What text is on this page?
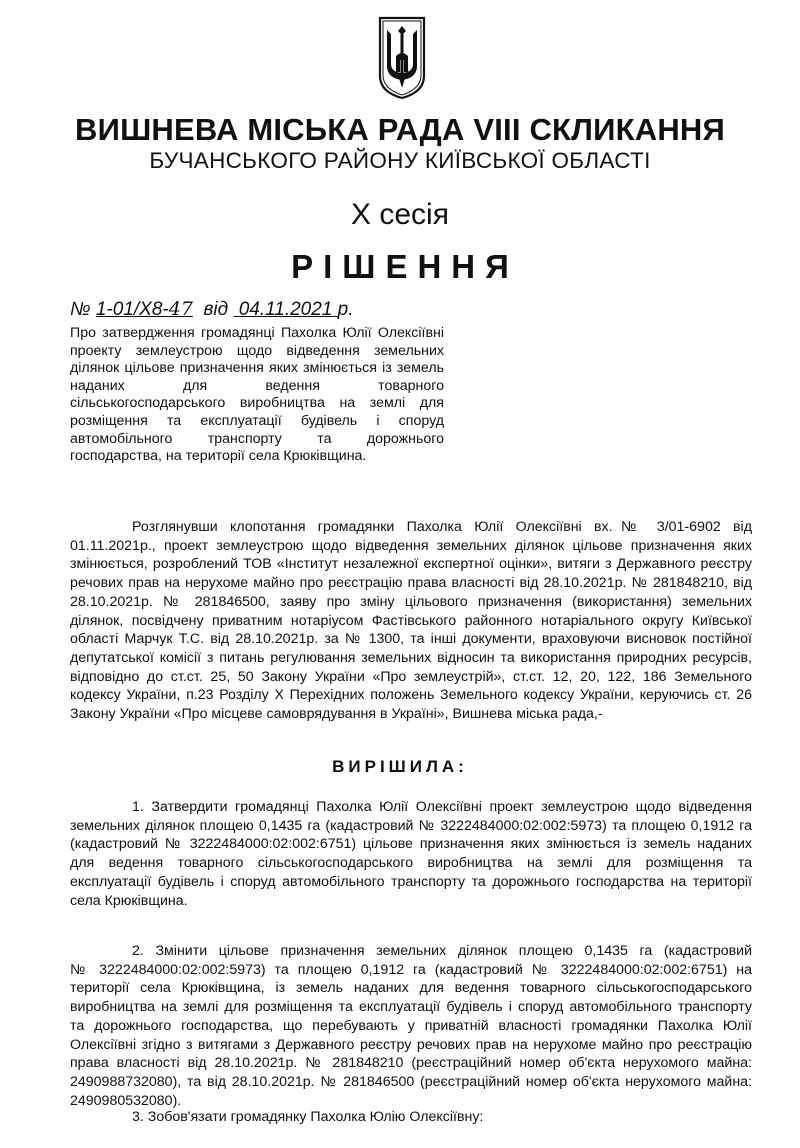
ВИШНЕВА МІСЬКА РАДА VIII СКЛИКАННЯ
БУЧАНСЬКОГО РАЙОНУ КИЇВСЬКОЇ ОБЛАСТІ
Х сесія
РІШЕННЯ
№ 1-01/X8-47 від 04.11.2021 р.
Про затвердження громадянці Пахолка Юлії Олексіївні
проекту землеустрою щодо відведення земельних
ділянок цільове призначення яких змінюється із земель
наданих для ведення товарного
сільськогосподарського виробництва на землі для
розміщення та експлуатації будівель і споруд
автомобільного транспорту та дорожнього
господарства, на території села Крюківщина.
Розглянувши клопотання громадянки Пахолка Юлії Олексіївні вх.№ 3/01-6902 від
01.11.2021р., проект землеустрою щодо відведення земельних ділянок цільове призначення яких
змінюється, розроблений ТОВ «Інститут незалежної експертної оцінки», витяги з Державного реєстру
речових прав на нерухоме майно про реєстрацію права власності від 28.10.2021р. № 281848210, від
28.10.2021р. № 281846500, заяву про зміну цільового призначення (використання) земельних
ділянок, посвідчену приватним нотаріусом Фастівського районного нотаріального округу Київської
області Марчук Т.С. від 28.10.2021р. за № 1300, та інші документи, враховуючи висновок постійної
депутатської комісії з питань регулювання земельних відносин та використання природних ресурсів,
відповідно до ст.ст. 25, 50 Закону України «Про землеустрій», ст.ст. 12, 20, 122, 186 Земельного
кодексу України, п.23 Розділу Х Перехідних положень Земельного кодексу України, керуючись ст. 26
Закону України «Про місцеве самоврядування в Україні», Вишнева міська рада,-
ВИРІШИЛА:
1. Затвердити громадянці Пахолка Юлії Олексіївні проект землеустрою щодо відведення
земельних ділянок площею 0,1435 га (кадастровий № 3222484000:02:002:5973) та площею 0,1912 га
(кадастровий № 3222484000:02:002:6751) цільове призначення яких змінюється із земель наданих
для ведення товарного сільськогосподарського виробництва на землі для розміщення та
експлуатації будівель і споруд автомобільного транспорту та дорожнього господарства на території
села Крюківщина.
2. Змінити цільове призначення земельних ділянок площею 0,1435 га (кадастровий
№ 3222484000:02:002:5973) та площею 0,1912 га (кадастровий № 3222484000:02:002:6751) на
території села Крюківщина, із земель наданих для ведення товарного сільськогосподарського
виробництва на землі для розміщення та експлуатації будівель і споруд автомобільного транспорту
та дорожнього господарства, що перебувають у приватній власності громадянки Пахолка Юлії
Олексіївні згідно з витягами з Державного реєстру речових прав на нерухоме майно про реєстрацію
права власності від 28.10.2021р. № 281848210 (реєстраційний номер об'єкта нерухомого майна:
2490988732080), та від 28.10.2021р. № 281846500 (реєстраційний номер об'єкта нерухомого майна:
2490980532080).
3. Зобов'язати громадянку Пахолка Юлію Олексіївну:
